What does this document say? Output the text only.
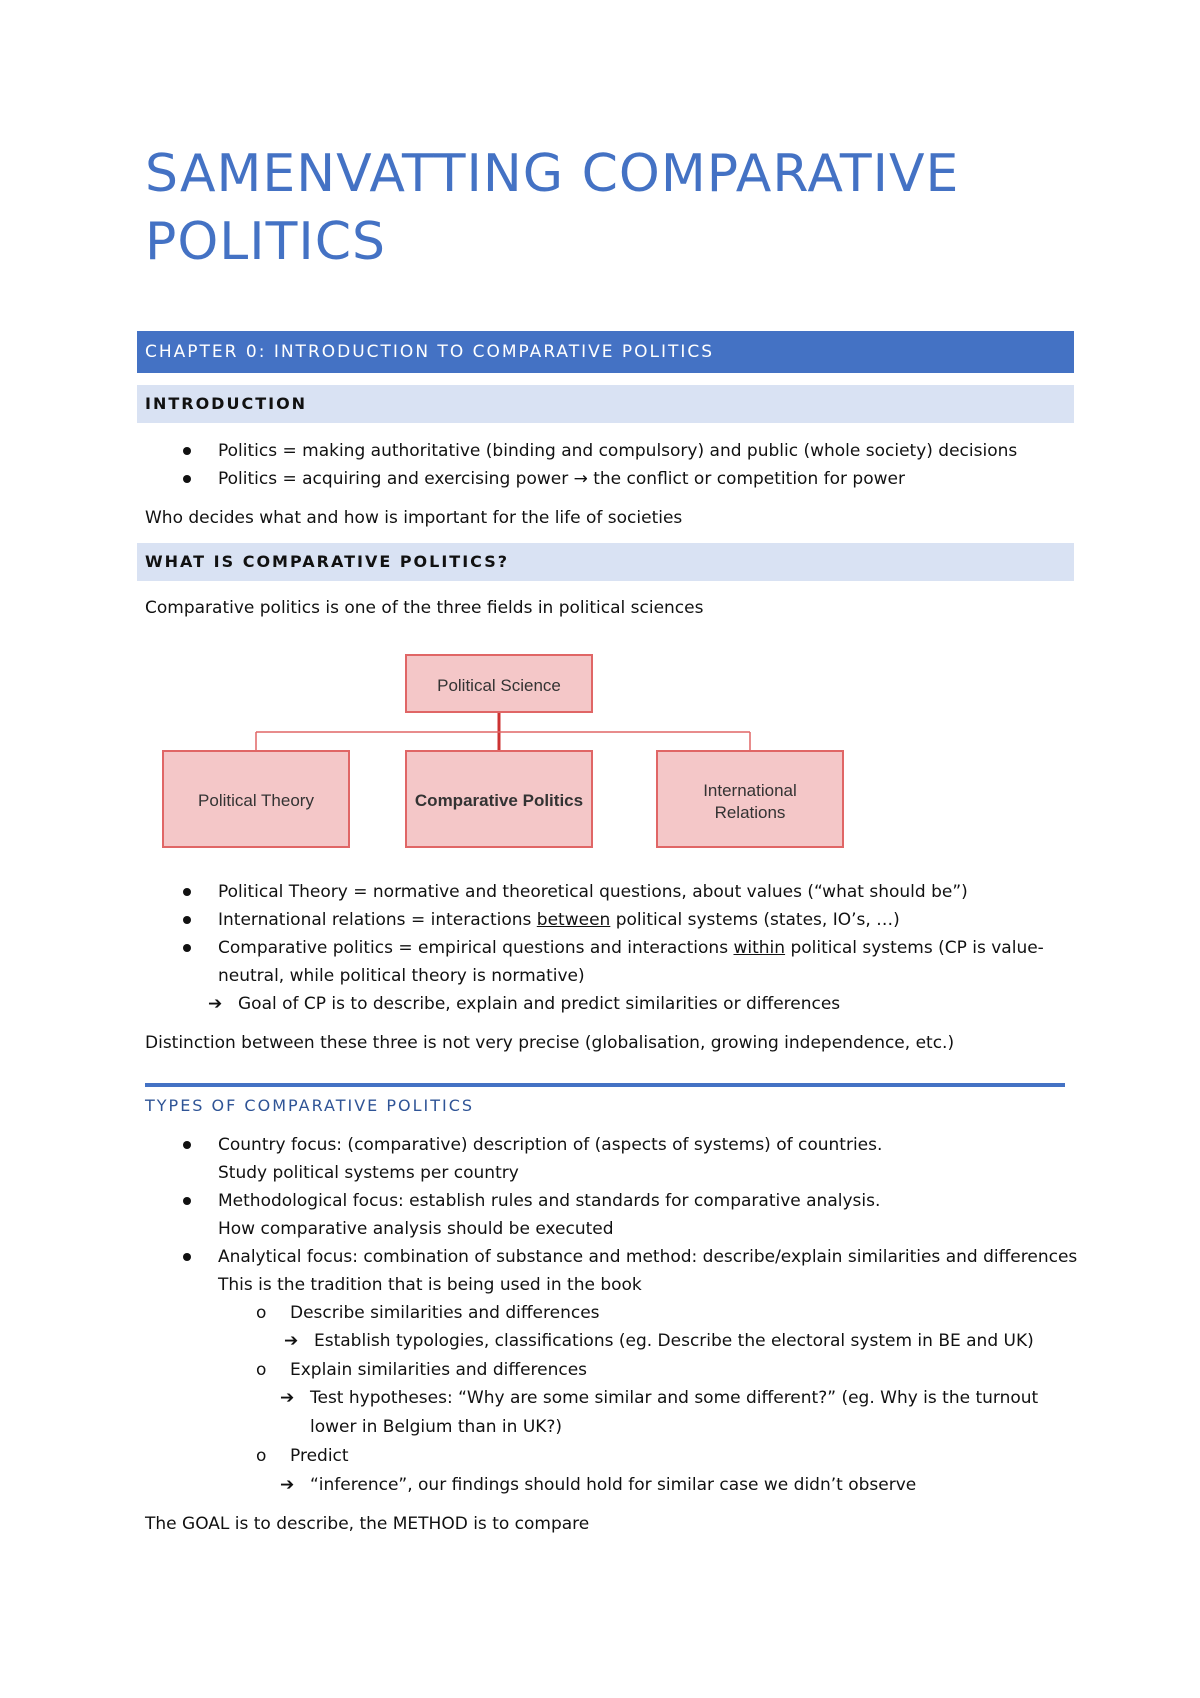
SAMENVATTING COMPARATIVE
POLITICS
CHAPTER 0: INTRODUCTION TO COMPARATIVE POLITICS
INTRODUCTION
Politics = making authoritative (binding and compulsory) and public (whole society) decisions
Politics = acquiring and exercising power → the conflict or competition for power
Who decides what and how is important for the life of societies
WHAT IS COMPARATIVE POLITICS?
Comparative politics is one of the three fields in political sciences
Political Science
Political Theory	Comparative Politics
International
Relations
Political Theory = normative and theoretical questions, about values (“what should be”)
International relations = interactions between political systems (states, IO’s, …)
Comparative politics = empirical questions and interactions within political systems (CP is value-
neutral, while political theory is normative)
➔ Goal of CP is to describe, explain and predict similarities or differences
Distinction between these three is not very precise (globalisation, growing independence, etc.)
TYPES OF COMPARATIVE POLITICS
Country focus: (comparative) description of (aspects of systems) of countries.
Study political systems per country
Methodological focus: establish rules and standards for comparative analysis.
How comparative analysis should be executed
Analytical focus: combination of substance and method: describe/explain similarities and differences
This is the tradition that is being used in the book
o Describe similarities and differences
➔ Establish typologies, classifications (eg. Describe the electoral system in BE and UK)
o Explain similarities and differences
➔ Test hypotheses: “Why are some similar and some different?” (eg. Why is the turnout
lower in Belgium than in UK?)
o Predict
➔ “inference”, our findings should hold for similar case we didn’t observe
The GOAL is to describe, the METHOD is to compare
